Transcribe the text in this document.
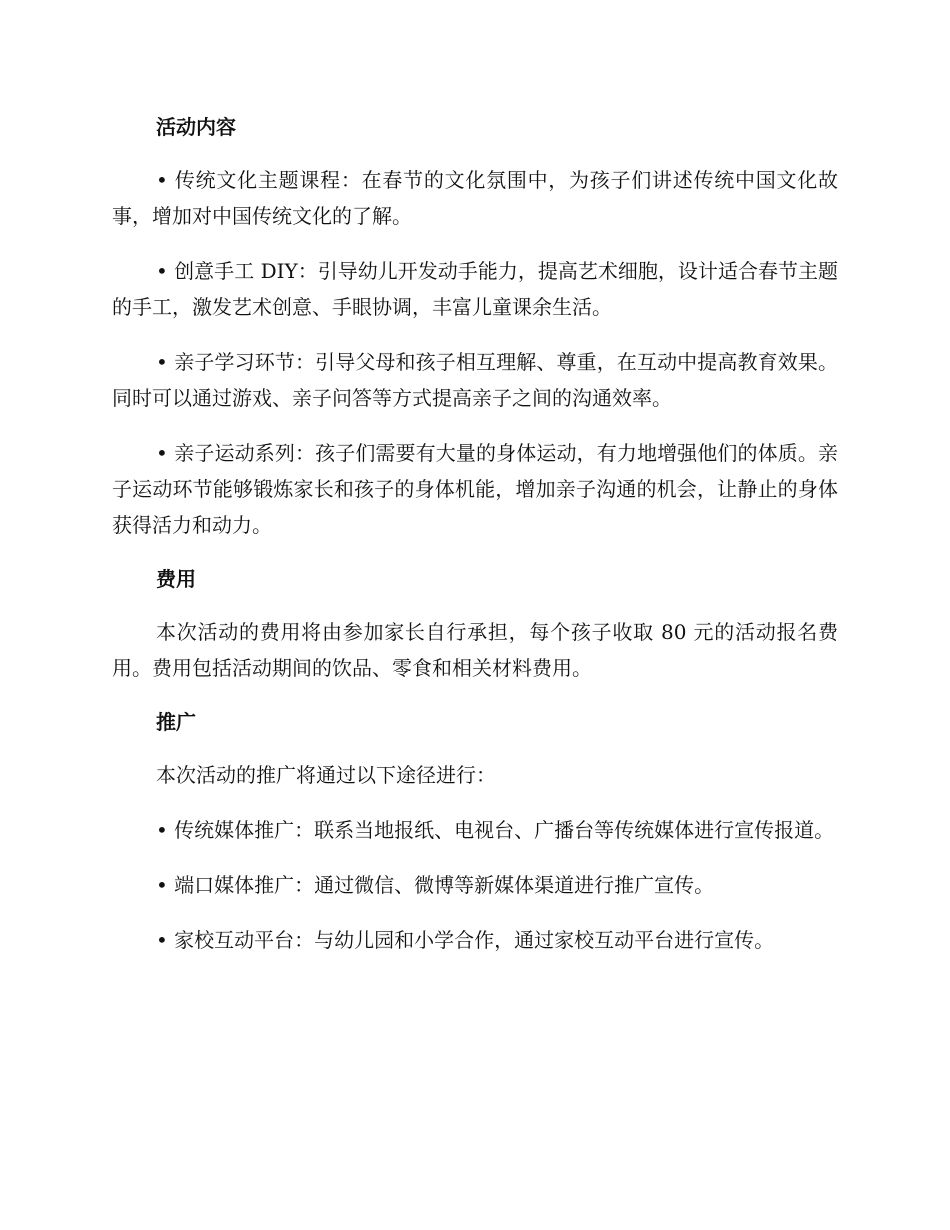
活动内容

• 传统文化主题课程：在春节的文化氛围中，为孩子们讲述传统中国文化故事，增加对中国传统文化的了解。

• 创意手工 DIY：引导幼儿开发动手能力，提高艺术细胞，设计适合春节主题的手工，激发艺术创意、手眼协调，丰富儿童课余生活。

• 亲子学习环节：引导父母和孩子相互理解、尊重，在互动中提高教育效果。同时可以通过游戏、亲子问答等方式提高亲子之间的沟通效率。

• 亲子运动系列：孩子们需要有大量的身体运动，有力地增强他们的体质。亲子运动环节能够锻炼家长和孩子的身体机能，增加亲子沟通的机会，让静止的身体获得活力和动力。

费用

本次活动的费用将由参加家长自行承担，每个孩子收取 80 元的活动报名费用。费用包括活动期间的饮品、零食和相关材料费用。

推广

本次活动的推广将通过以下途径进行：

• 传统媒体推广：联系当地报纸、电视台、广播台等传统媒体进行宣传报道。

• 端口媒体推广：通过微信、微博等新媒体渠道进行推广宣传。

• 家校互动平台：与幼儿园和小学合作，通过家校互动平台进行宣传。
